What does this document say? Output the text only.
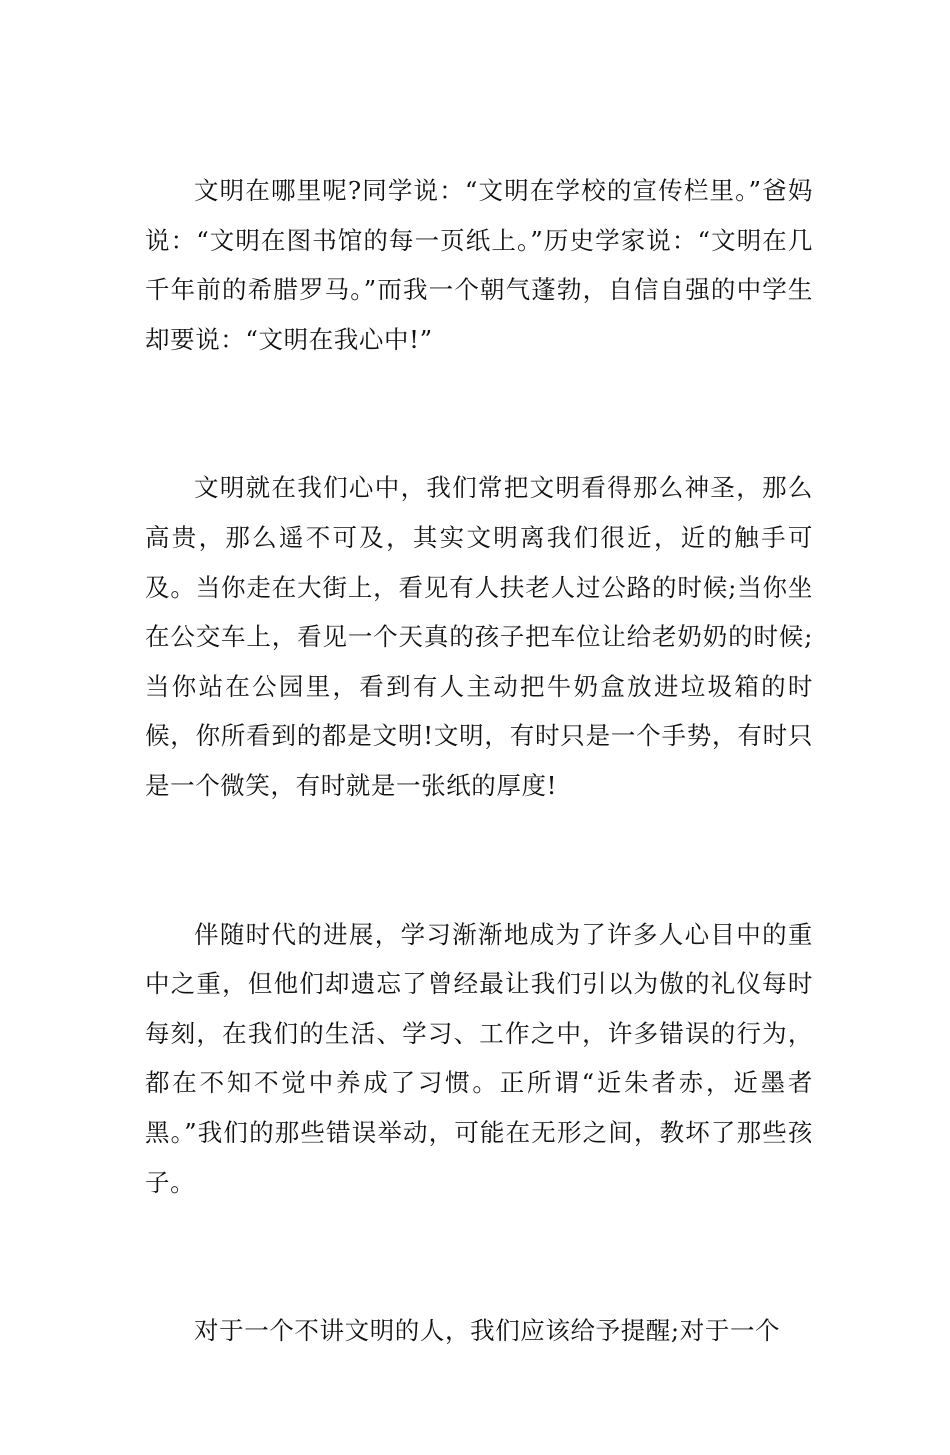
文明在哪里呢?同学说：“文明在学校的宣传栏里。”爸妈说：“文明在图书馆的每一页纸上。”历史学家说：“文明在几千年前的希腊罗马。”而我一个朝气蓬勃，自信自强的中学生却要说：“文明在我心中!”

文明就在我们心中，我们常把文明看得那么神圣，那么高贵，那么遥不可及，其实文明离我们很近，近的触手可及。当你走在大街上，看见有人扶老人过公路的时候;当你坐在公交车上，看见一个天真的孩子把车位让给老奶奶的时候;当你站在公园里，看到有人主动把牛奶盒放进垃圾箱的时候，你所看到的都是文明!文明，有时只是一个手势，有时只是一个微笑，有时就是一张纸的厚度!

伴随时代的进展，学习渐渐地成为了许多人心目中的重中之重，但他们却遗忘了曾经最让我们引以为傲的礼仪每时每刻，在我们的生活、学习、工作之中，许多错误的行为，都在不知不觉中养成了习惯。正所谓“近朱者赤，近墨者黑。”我们的那些错误举动，可能在无形之间，教坏了那些孩子。

对于一个不讲文明的人，我们应该给予提醒;对于一个
